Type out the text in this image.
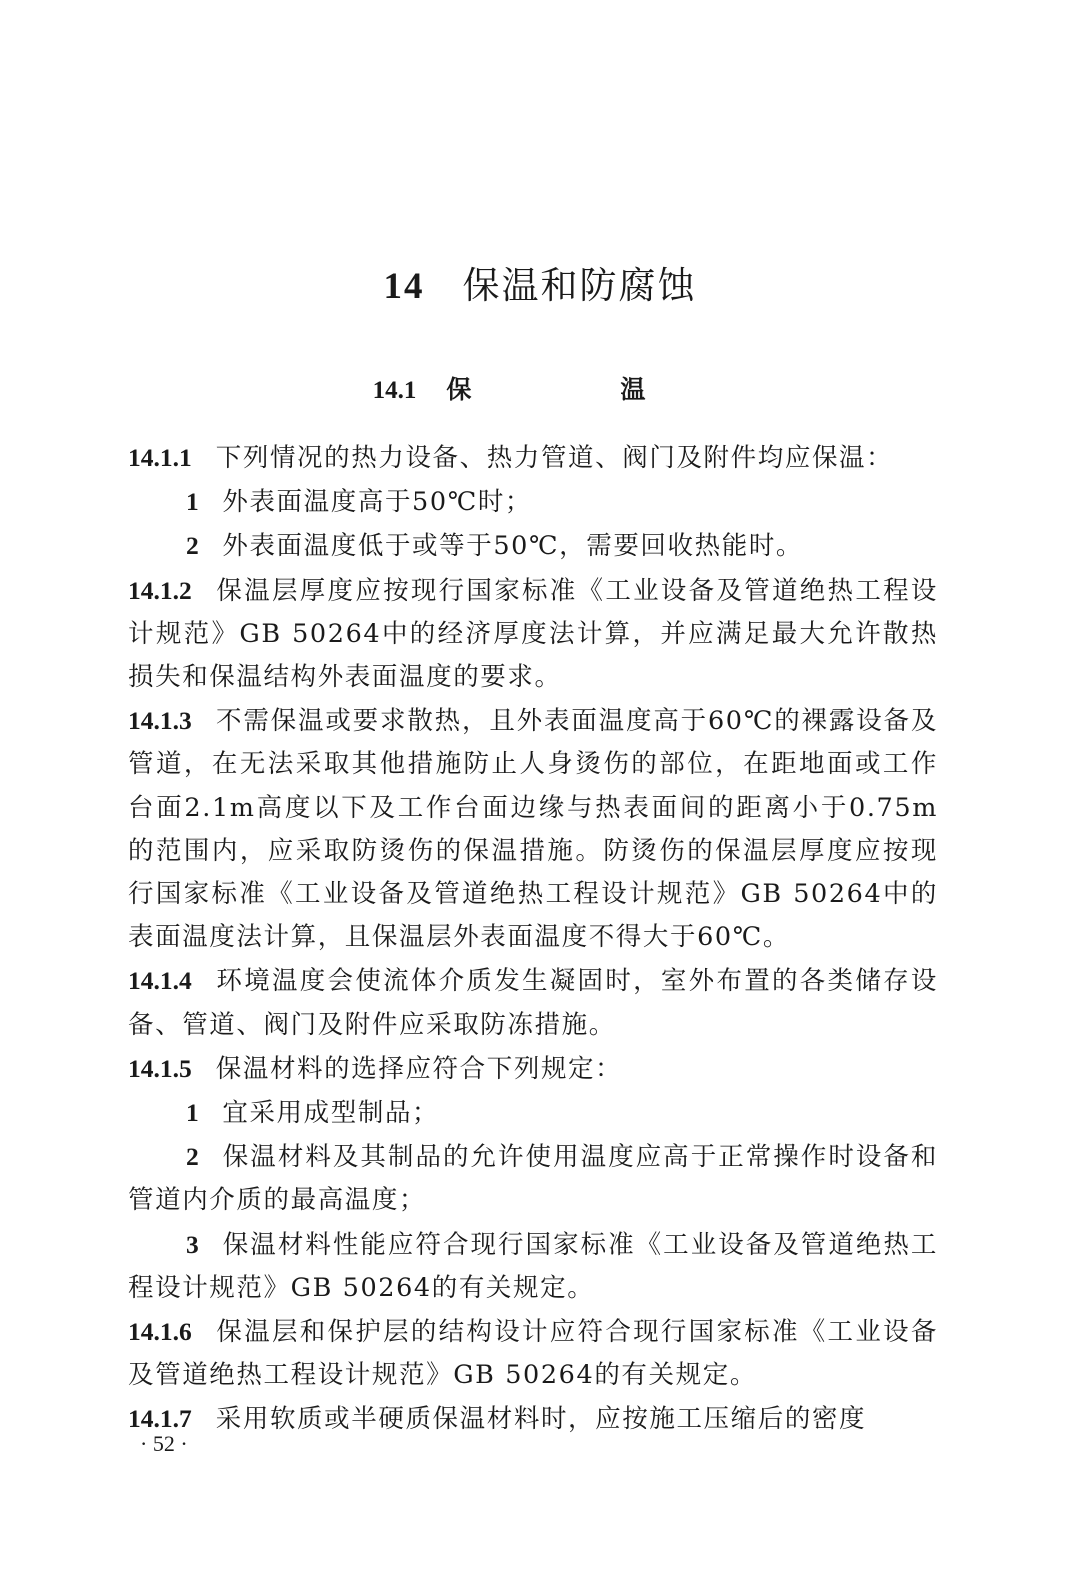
14 保温和防腐蚀
14.1 保　温

14.1.1 下列情况的热力设备、热力管道、阀门及附件均应保温：

1 外表面温度高于50℃时；

2 外表面温度低于或等于50℃，需要回收热能时。

14.1.2 保温层厚度应按现行国家标准《工业设备及管道绝热工程设计规范》GB 50264中的经济厚度法计算，并应满足最大允许散热损失和保温结构外表面温度的要求。

14.1.3 不需保温或要求散热，且外表面温度高于60℃的裸露设备及管道，在无法采取其他措施防止人身烫伤的部位，在距地面或工作台面2.1m高度以下及工作台面边缘与热表面间的距离小于0.75m的范围内，应采取防烫伤的保温措施。防烫伤的保温层厚度应按现行国家标准《工业设备及管道绝热工程设计规范》GB 50264中的表面温度法计算，且保温层外表面温度不得大于60℃。

14.1.4 环境温度会使流体介质发生凝固时，室外布置的各类储存设备、管道、阀门及附件应采取防冻措施。

14.1.5 保温材料的选择应符合下列规定：

1 宜采用成型制品；

2 保温材料及其制品的允许使用温度应高于正常操作时设备和管道内介质的最高温度；

3 保温材料性能应符合现行国家标准《工业设备及管道绝热工程设计规范》GB 50264的有关规定。

14.1.6 保温层和保护层的结构设计应符合现行国家标准《工业设备及管道绝热工程设计规范》GB 50264的有关规定。

14.1.7 采用软质或半硬质保温材料时，应按施工压缩后的密度

· 52 ·
